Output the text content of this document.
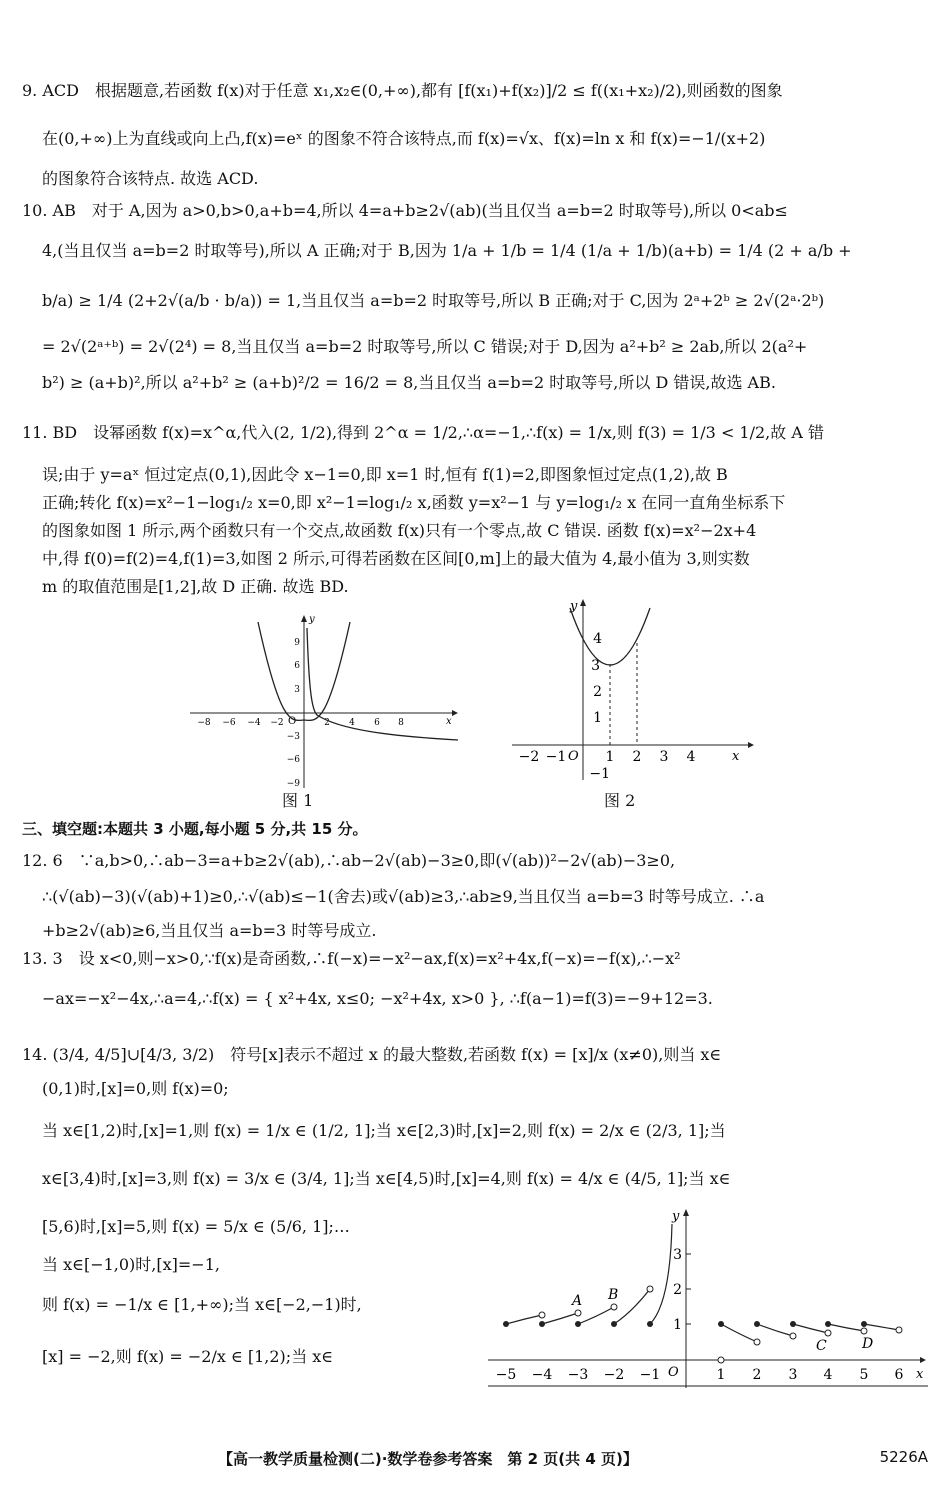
9. ACD　根据题意,若函数 f(x)对于任意 x₁,x₂∈(0,+∞),都有 [f(x₁)+f(x₂)]/2 ≤ f((x₁+x₂)/2),则函数的图象
在(0,+∞)上为直线或向上凸,f(x)=eˣ 的图象不符合该特点,而 f(x)=√x、f(x)=ln x 和 f(x)=−1/(x+2)
的图象符合该特点. 故选 ACD.
10. AB　对于 A,因为 a>0,b>0,a+b=4,所以 4=a+b≥2√(ab)(当且仅当 a=b=2 时取等号),所以 0<ab≤
4,(当且仅当 a=b=2 时取等号),所以 A 正确;对于 B,因为 1/a + 1/b = 1/4 (1/a + 1/b)(a+b) = 1/4 (2 + a/b +
b/a) ≥ 1/4 (2+2√(a/b · b/a)) = 1,当且仅当 a=b=2 时取等号,所以 B 正确;对于 C,因为 2ᵃ+2ᵇ ≥ 2√(2ᵃ·2ᵇ)
= 2√(2ᵃ⁺ᵇ) = 2√(2⁴) = 8,当且仅当 a=b=2 时取等号,所以 C 错误;对于 D,因为 a²+b² ≥ 2ab,所以 2(a²+
b²) ≥ (a+b)²,所以 a²+b² ≥ (a+b)²/2 = 16/2 = 8,当且仅当 a=b=2 时取等号,所以 D 错误,故选 AB.
11. BD　设幂函数 f(x)=x^α,代入(2, 1/2),得到 2^α = 1/2,∴α=−1,∴f(x) = 1/x,则 f(3) = 1/3 < 1/2,故 A 错
误;由于 y=aˣ 恒过定点(0,1),因此令 x−1=0,即 x=1 时,恒有 f(1)=2,即图象恒过定点(1,2),故 B
正确;转化 f(x)=x²−1−log₁/₂ x=0,即 x²−1=log₁/₂ x,函数 y=x²−1 与 y=log₁/₂ x 在同一直角坐标系下
的图象如图 1 所示,两个函数只有一个交点,故函数 f(x)只有一个零点,故 C 错误. 函数 f(x)=x²−2x+4
中,得 f(0)=f(2)=4,f(1)=3,如图 2 所示,可得若函数在区间[0,m]上的最大值为 4,最小值为 3,则实数
m 的取值范围是[1,2],故 D 正确. 故选 BD.
y
x
O
−8 −6 −4 −2	2 4 6 8
9
6
3
−3
−6
−9
图 1
y
x
O
−2 −1	1 2 3 4
4
3
2
1
−1
图 2
三、填空题:本题共 3 小题,每小题 5 分,共 15 分。
12. 6　∵a,b>0,∴ab−3=a+b≥2√(ab),∴ab−2√(ab)−3≥0,即(√(ab))²−2√(ab)−3≥0,
∴(√(ab)−3)(√(ab)+1)≥0,∴√(ab)≤−1(舍去)或√(ab)≥3,∴ab≥9,当且仅当 a=b=3 时等号成立. ∴a
+b≥2√(ab)≥6,当且仅当 a=b=3 时等号成立.
13. 3　设 x<0,则−x>0,∵f(x)是奇函数,∴f(−x)=−x²−ax,f(x)=x²+4x,f(−x)=−f(x),∴−x²
−ax=−x²−4x,∴a=4,∴f(x) = { x²+4x, x≤0; −x²+4x, x>0 }, ∴f(a−1)=f(3)=−9+12=3.
14. (3/4, 4/5]∪[4/3, 3/2)　符号[x]表示不超过 x 的最大整数,若函数 f(x) = [x]/x (x≠0),则当 x∈
(0,1)时,[x]=0,则 f(x)=0;
当 x∈[1,2)时,[x]=1,则 f(x) = 1/x ∈ (1/2, 1];当 x∈[2,3)时,[x]=2,则 f(x) = 2/x ∈ (2/3, 1];当
x∈[3,4)时,[x]=3,则 f(x) = 3/x ∈ (3/4, 1];当 x∈[4,5)时,[x]=4,则 f(x) = 4/x ∈ (4/5, 1];当 x∈
[5,6)时,[x]=5,则 f(x) = 5/x ∈ (5/6, 1];…
当 x∈[−1,0)时,[x]=−1,
则 f(x) = −1/x ∈ [1,+∞);当 x∈[−2,−1)时,
[x] = −2,则 f(x) = −2/x ∈ [1,2);当 x∈
y
x
O
−5 −4 −3 −2 −1	1 2 3 4 5 6
3
2
1
A B
C	D
【高一教学质量检测(二)·数学卷参考答案　第 2 页(共 4 页)】	5226A
